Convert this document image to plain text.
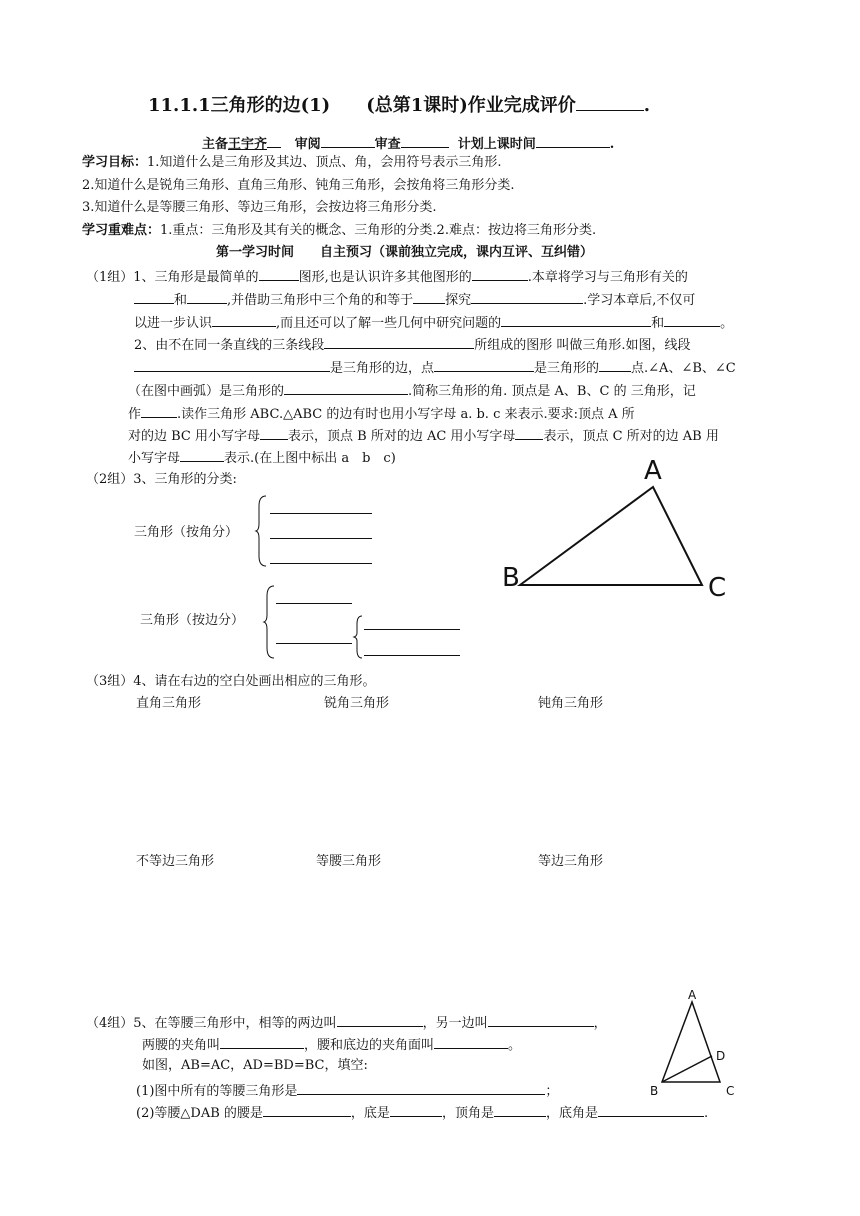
11.1.1三角形的边(1)　　(总第1课时)作业完成评价	.
主备王宇齐 审阅	审查	计划上课时间	.
学习目标：1.知道什么是三角形及其边、顶点、角，会用符号表示三角形.
2.知道什么是锐角三角形、直角三角形、钝角三角形，会按角将三角形分类.
3.知道什么是等腰三角形、等边三角形，会按边将三角形分类.
学习重难点：1.重点：三角形及其有关的概念、三角形的分类.2.难点：按边将三角形分类.
第一学习时间　　自主预习（课前独立完成，课内互评、互纠错）
（1组）1、三角形是最简单的	图形,也是认识许多其他图形的	.本章将学习与三角形有关的
和	,并借助三角形中三个角的和等于 探究	.学习本章后,不仅可
以进一步认识	,而且还可以了解一些几何中研究问题的	和	。
2、由不在同一条直线的三条线段	所组成的图形 叫做三角形.如图，线段
是三角形的边，点	是三角形的 点.∠A、∠B、∠C
（在图中画弧）是三角形的	.简称三角形的角. 顶点是 A、B、C 的 三角形，记
作	.读作三角形 ABC.△ABC 的边有时也用小写字母 a. b. c 来表示.要求:顶点 A 所
对的边 BC 用小写字母 表示，顶点 B 所对的边 AC 用小写字母 表示，顶点 C 所对的边 AB 用
小写字母	表示.(在上图中标出 a　b　c)
（2组）3、三角形的分类:
三角形（按角分）
三角形（按边分）
A
B	C
（3组）4、请在右边的空白处画出相应的三角形。
直角三角形	锐角三角形	钝角三角形
不等边三角形	等腰三角形	等边三角形
（4组）5、在等腰三角形中，相等的两边叫	，另一边叫	，
两腰的夹角叫	，腰和底边的夹角面叫	。
如图，AB=AC，AD=BD=BC，填空:
(1)图中所有的等腰三角形是	；
(2)等腰△DAB 的腰是	，底是	，顶角是	，底角是	.
A
D
B	C
